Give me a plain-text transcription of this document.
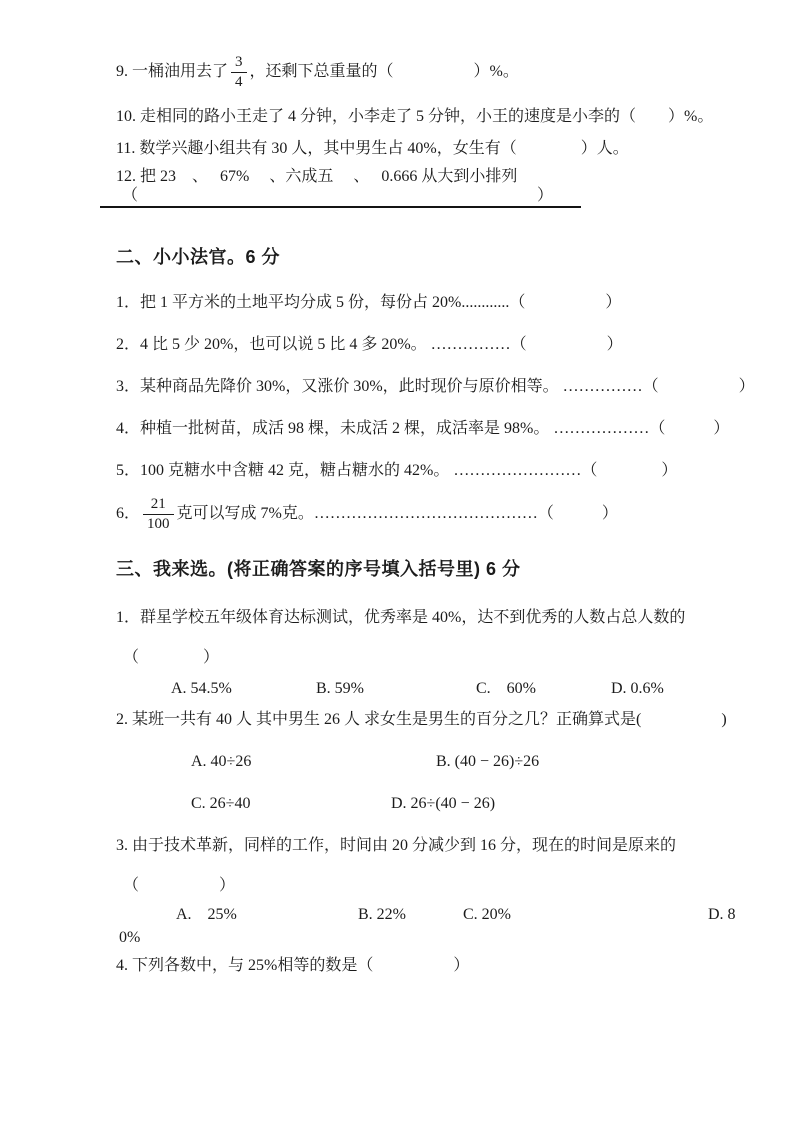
9. 一桶油用去了 $\frac{3}{4}$ ，还剩下总重量的（　　　　　）%。
10. 走相同的路小王走了 4 分钟，小李走了 5 分钟，小王的速度是小李的（　　）%。
11. 数学兴趣小组共有 30 人，其中男生占 40%，女生有（　　　　）人。
12. 把 23　、　 67%　 、六成五　 、　 0.666 从大到小排列
（	）
二、小小法官。6 分
1．把 1 平方米的土地平均分成 5 份，每份占 20%............（　　　　　）
2．4 比 5 少 20%，也可以说 5 比 4 多 20%。 ……………（　　　　　）
3．某种商品先降价 30%，又涨价 30%，此时现价与原价相等。 ……………（　　　　　）
4．种植一批树苗，成活 98 棵，未成活 2 棵，成活率是 98%。 ………………（　　　）
5．100 克糖水中含糖 42 克，糖占糖水的 42%。 ……………………（　　　　）
6． $\frac{21}{100}$ 克可以写成 7%克。……………………………………（　　　）
三、我来选。(将正确答案的序号填入括号里) 6 分
1．群星学校五年级体育达标测试，优秀率是 40%，达不到优秀的人数占总人数的
（　　　　）
A. 54.5%	B. 59%	C.　60%	D. 0.6%
2. 某班一共有 40 人 其中男生 26 人 求女生是男生的百分之几？正确算式是(　　　　　)
A. 40÷26	B. (40 − 26)÷26
C. 26÷40	D. 26÷(40 − 26)
3. 由于技术革新，同样的工作，时间由 20 分减少到 16 分，现在的时间是原来的
（　　　　　）
A.　25%	B. 22%	C. 20%	D. 8
0%
4. 下列各数中，与 25%相等的数是（　　　　　）
